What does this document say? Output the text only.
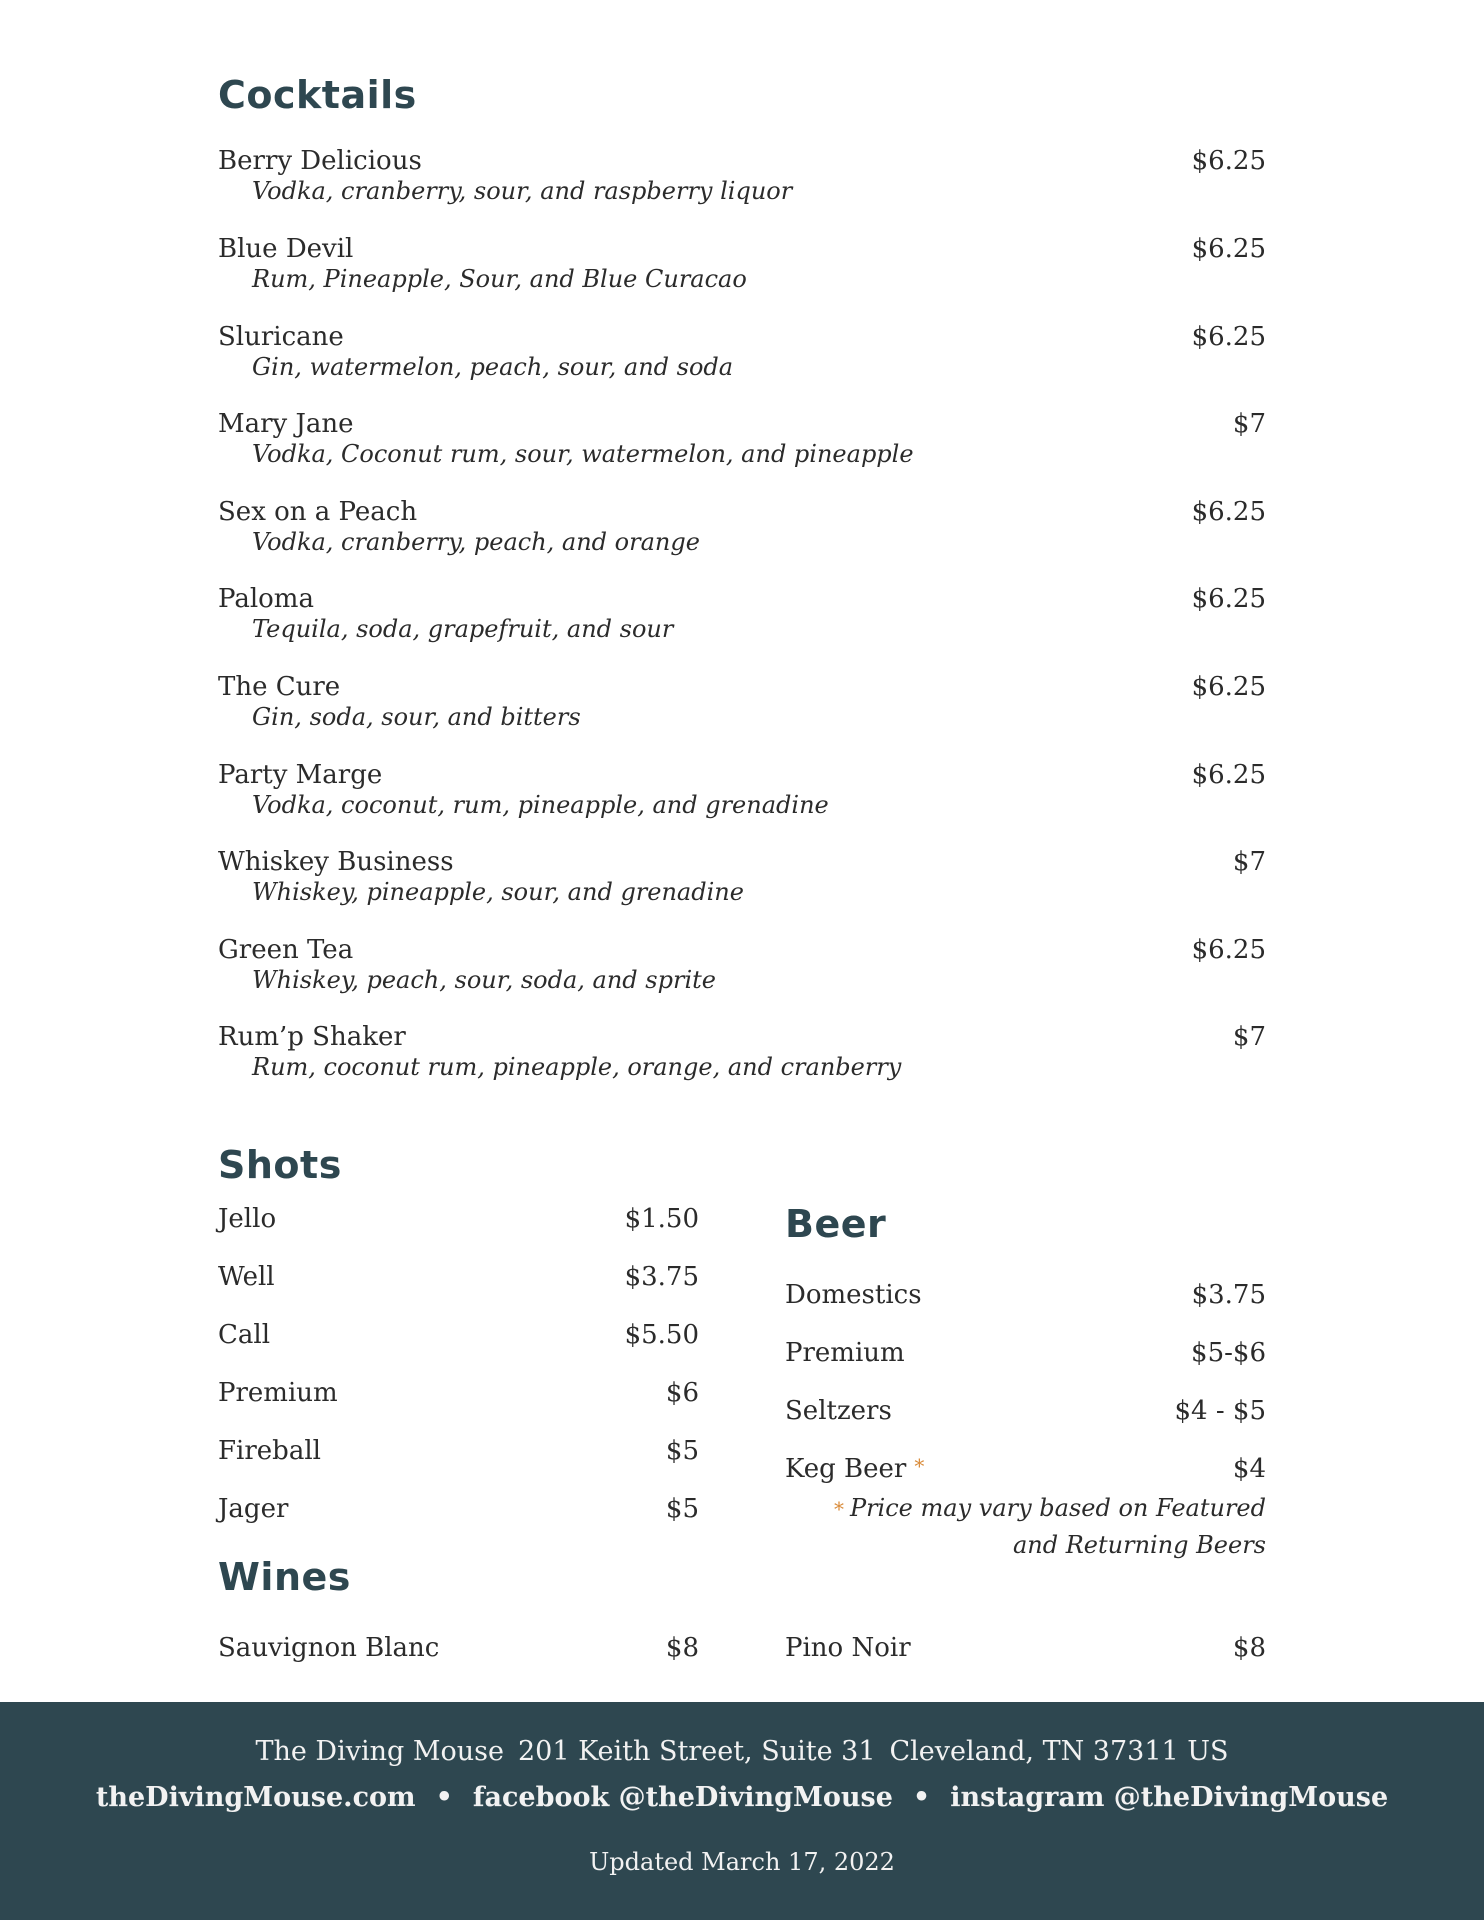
Cocktails
Berry Delicious	$6.25
Vodka, cranberry, sour, and raspberry liquor
Blue Devil	$6.25
Rum, Pineapple, Sour, and Blue Curacao
Sluricane	$6.25
Gin, watermelon, peach, sour, and soda
Mary Jane	$7
Vodka, Coconut rum, sour, watermelon, and pineapple
Sex on a Peach	$6.25
Vodka, cranberry, peach, and orange
Paloma	$6.25
Tequila, soda, grapefruit, and sour
The Cure	$6.25
Gin, soda, sour, and bitters
Party Marge	$6.25
Vodka, coconut, rum, pineapple, and grenadine
Whiskey Business	$7
Whiskey, pineapple, sour, and grenadine
Green Tea	$6.25
Whiskey, peach, sour, soda, and sprite
Rum’p Shaker	$7
Rum, coconut rum, pineapple, orange, and cranberry
Shots
Jello	$1.50
Well	$3.75
Call	$5.50
Premium	$6
Fireball	$5
Jager	$5
Beer
Domestics	$3.75
Premium	$5-$6
Seltzers	$4 - $5
Keg Beer *	$4
* Price may vary based on Featured and Returning Beers
Wines
Sauvignon Blanc	$8	Pino Noir	$8
The Diving Mouse 201 Keith Street, Suite 31 Cleveland, TN 37311 US
theDivingMouse.com • facebook @theDivingMouse • instagram @theDivingMouse
Updated March 17, 2022
